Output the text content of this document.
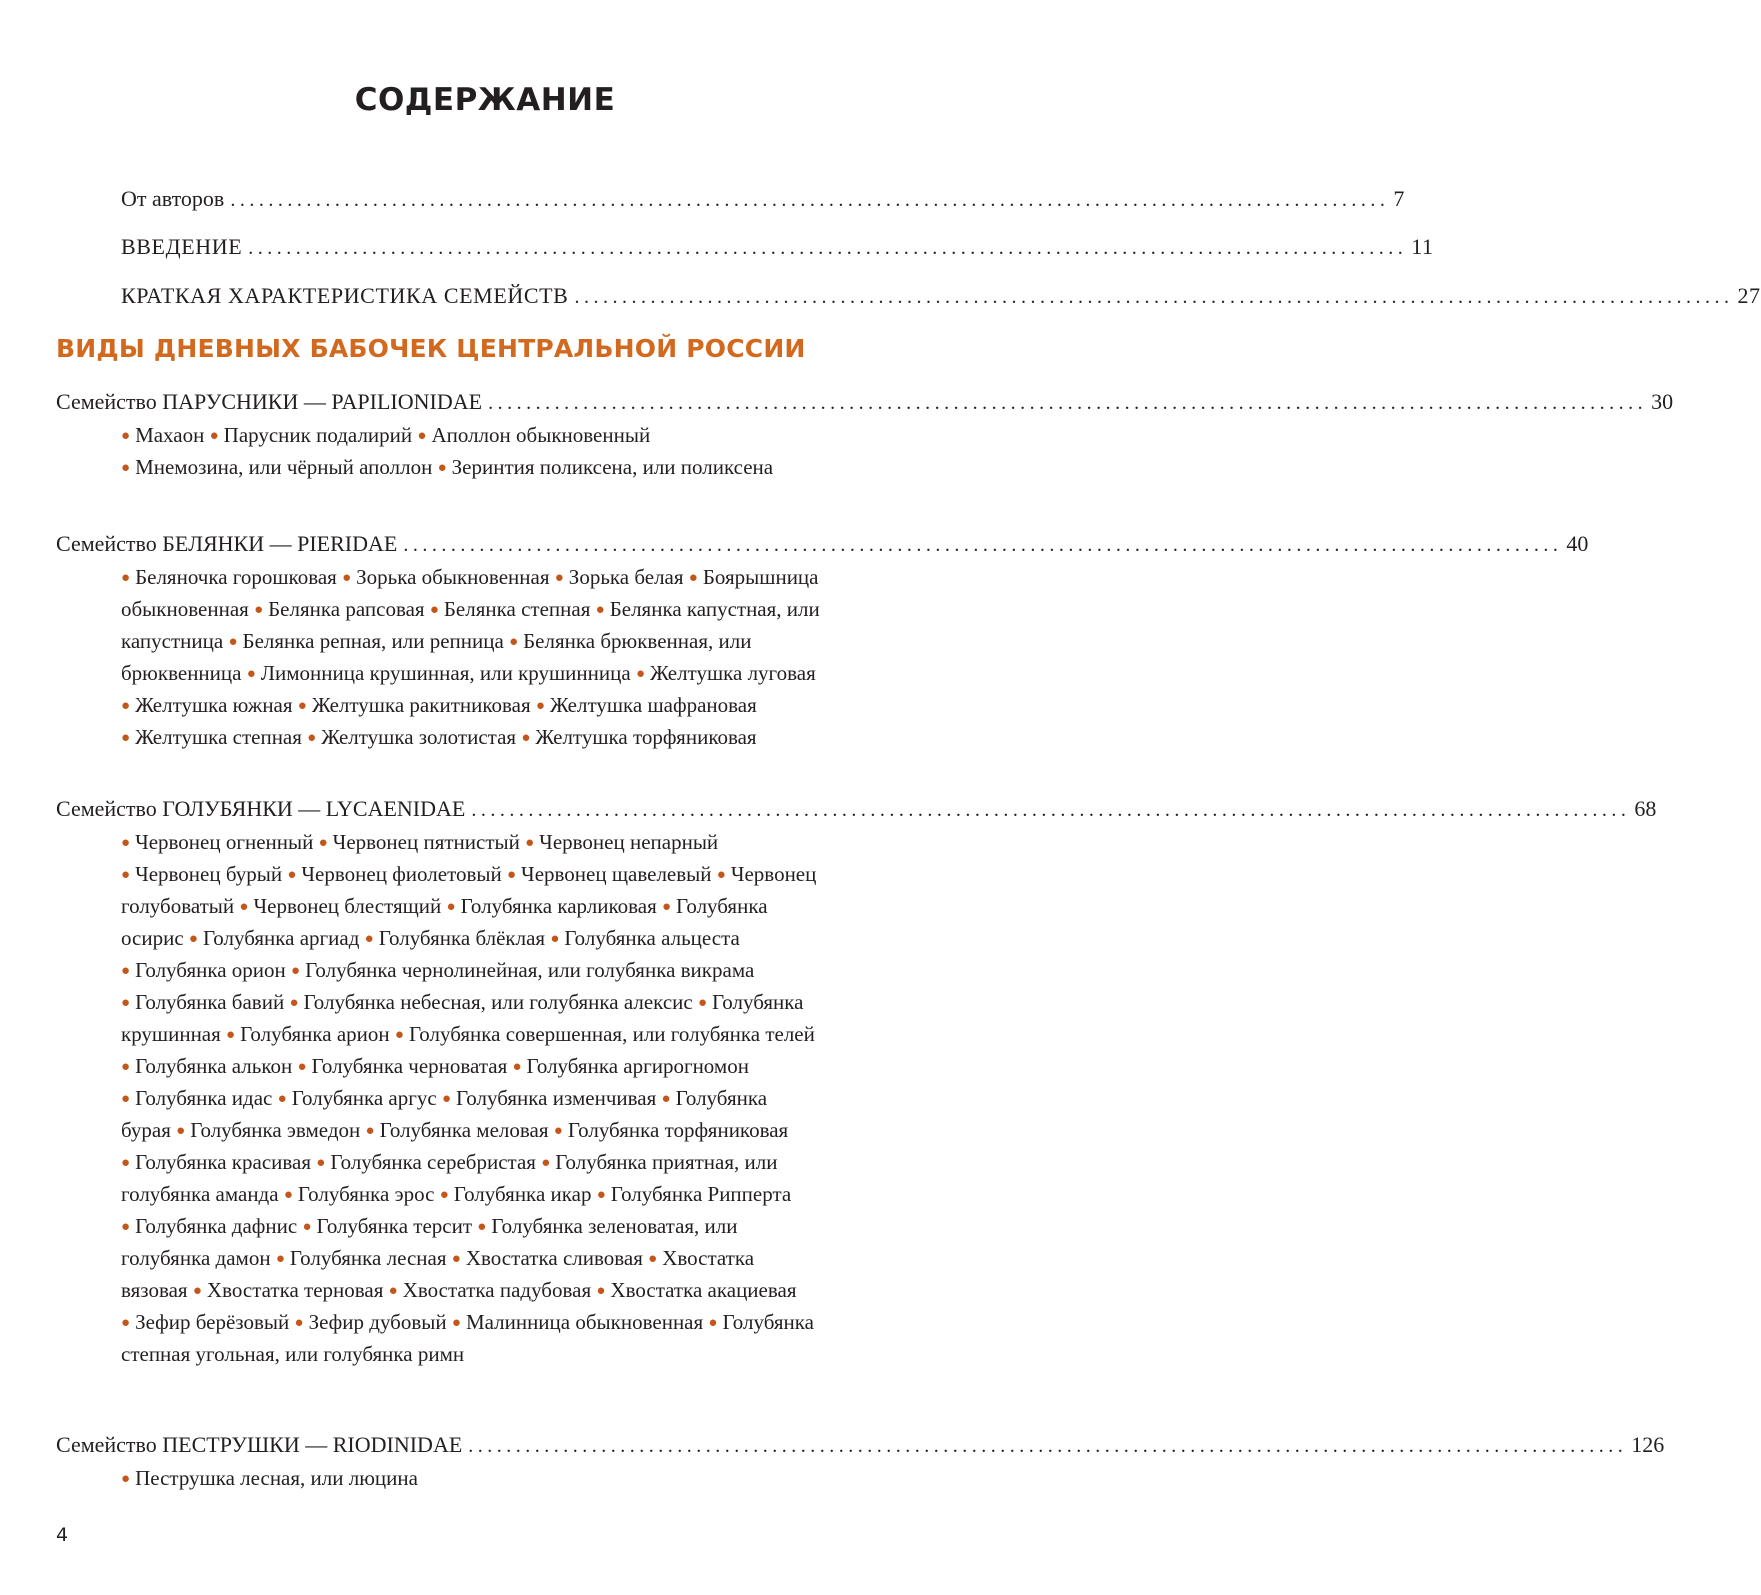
СОДЕРЖАНИЕ
От авторов .......................................................................................................................... 7
ВВЕДЕНИЕ .......................................................................................................................... 11
КРАТКАЯ ХАРАКТЕРИСТИКА СЕМЕЙСТВ .......................................................................................................................... 27
ВИДЫ ДНЕВНЫХ БАБОЧЕК ЦЕНТРАЛЬНОЙ РОССИИ
Семейство ПАРУСНИКИ — PAPILIONIDAE .......................................................................................................................... 30
● Махаон ● Парусник подалирий ● Аполлон обыкновенный
● Мнемозина, или чёрный аполлон ● Зеринтия поликсена, или поликсена
Семейство БЕЛЯНКИ — PIERIDAE .......................................................................................................................... 40
● Беляночка горошковая ● Зорька обыкновенная ● Зорька белая ● Боярышница обыкновенная ● Белянка рапсовая ● Белянка степная ● Белянка капустная, или капустница ● Белянка репная, или репница ● Белянка брюквенная, или брюквенница ● Лимонница крушинная, или крушинница ● Желтушка луговая ● Желтушка южная ● Желтушка ракитниковая ● Желтушка шафрановая ● Желтушка степная ● Желтушка золотистая ● Желтушка торфяниковая
Семейство ГОЛУБЯНКИ — LYCAENIDAE .......................................................................................................................... 68
● Червонец огненный ● Червонец пятнистый ● Червонец непарный ● Червонец бурый ● Червонец фиолетовый ● Червонец щавелевый ● Червонец голубоватый ● Червонец блестящий ● Голубянка карликовая ● Голубянка осирис ● Голубянка аргиад ● Голубянка блёклая ● Голубянка альцеста ● Голубянка орион ● Голубянка чернолинейная, или голубянка викрама ● Голубянка бавий ● Голубянка небесная, или голубянка алексис ● Голубянка крушинная ● Голубянка арион ● Голубянка совершенная, или голубянка телей ● Голубянка алькон ● Голубянка черноватая ● Голубянка аргирогномон ● Голубянка идас ● Голубянка аргус ● Голубянка изменчивая ● Голубянка бурая ● Голубянка эвмедон ● Голубянка меловая ● Голубянка торфяниковая ● Голубянка красивая ● Голубянка серебристая ● Голубянка приятная, или голубянка аманда ● Голубянка эрос ● Голубянка икар ● Голубянка Рипперта ● Голубянка дафнис ● Голубянка терсит ● Голубянка зеленоватая, или голубянка дамон ● Голубянка лесная ● Хвостатка сливовая ● Хвостатка вязовая ● Хвостатка терновая ● Хвостатка падубовая ● Хвостатка акациевая ● Зефир берёзовый ● Зефир дубовый ● Малинница обыкновенная ● Голубянка степная угольная, или голубянка римн
Семейство ПЕСТРУШКИ — RIODINIDAE .......................................................................................................................... 126
● Пеструшка лесная, или люцина
4
